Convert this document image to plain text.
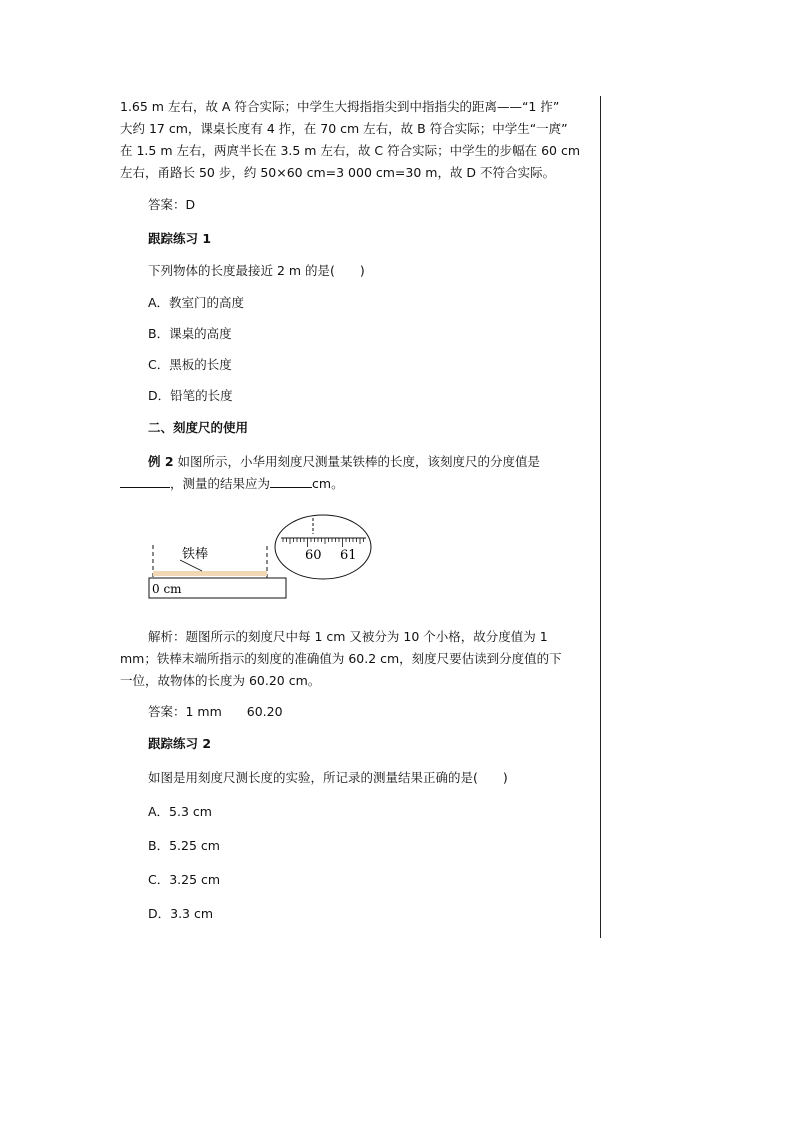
1.65 m 左右，故 A 符合实际；中学生大拇指指尖到中指指尖的距离——“1 拃”

大约 17 cm，课桌长度有 4 拃，在 70 cm 左右，故 B 符合实际；中学生“一庹”

在 1.5 m 左右，两庹半长在 3.5 m 左右，故 C 符合实际；中学生的步幅在 60 cm

左右，甬路长 50 步，约 50×60 cm=3 000 cm=30 m，故 D 不符合实际。

答案：D

跟踪练习 1

下列物体的长度最接近 2 m 的是(　　)

A．教室门的高度

B．课桌的高度

C．黑板的长度

D．铅笔的长度

二、刻度尺的使用

例 2 如图所示，小华用刻度尺测量某铁棒的长度，该刻度尺的分度值是

，测量的结果应为	cm。

铁棒
0 cm
60 61

解析：题图所示的刻度尺中每 1 cm 又被分为 10 个小格，故分度值为 1

mm；铁棒末端所指示的刻度的准确值为 60.2 cm，刻度尺要估读到分度值的下

一位，故物体的长度为 60.20 cm。

答案：1 mm　　60.20

跟踪练习 2

如图是用刻度尺测长度的实验，所记录的测量结果正确的是(　　)

A．5.3 cm

B．5.25 cm

C．3.25 cm

D．3.3 cm
